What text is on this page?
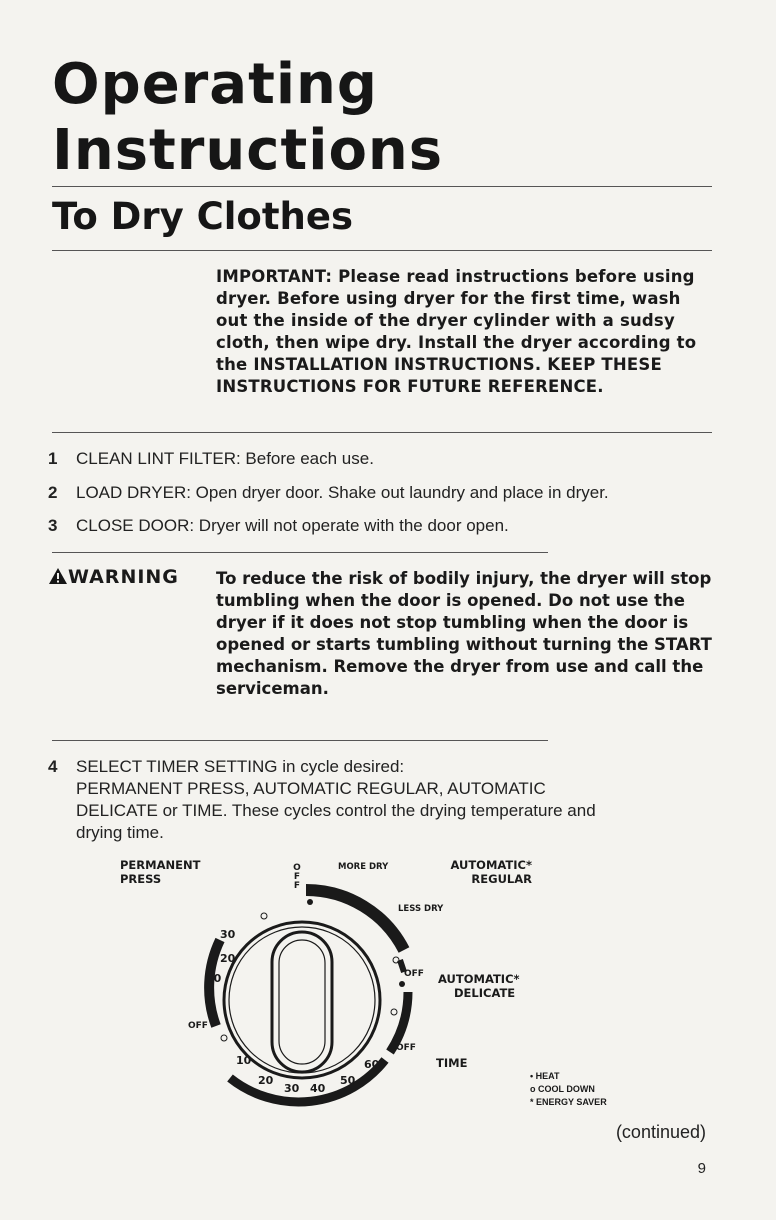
Operating
Instructions
To Dry Clothes

IMPORTANT: Please read instructions before using dryer. Before using dryer for the first time, wash out the inside of the dryer cylinder with a sudsy cloth, then wipe dry. Install the dryer according to the INSTALLATION INSTRUCTIONS. KEEP THESE INSTRUCTIONS FOR FUTURE REFERENCE.

1 CLEAN LINT FILTER: Before each use.
2 LOAD DRYER: Open dryer door. Shake out laundry and place in dryer.
3 CLOSE DOOR: Dryer will not operate with the door open.
WARNING To reduce the risk of bodily injury, the dryer will stop tumbling when the door is opened. Do not use the dryer if it does not stop tumbling when the door is opened or starts tumbling without turning the START mechanism. Remove the dryer from use and call the serviceman.

4	SELECT TIMER SETTING in cycle desired:
PERMANENT PRESS, AUTOMATIC REGULAR, AUTOMATIC
DELICATE or TIME. These cycles control the drying temperature and
drying time.
PERMANENT
PRESS
MORE DRY	AUTOMATIC*
REGULAR
LESS DRY
AUTOMATIC*
DELICATE
TIME
O
F
F
10
20
30 40
50
60
30
20
10
OFF
OFF
OFF
• HEAT
o COOL DOWN
* ENERGY SAVER
(continued)
9
